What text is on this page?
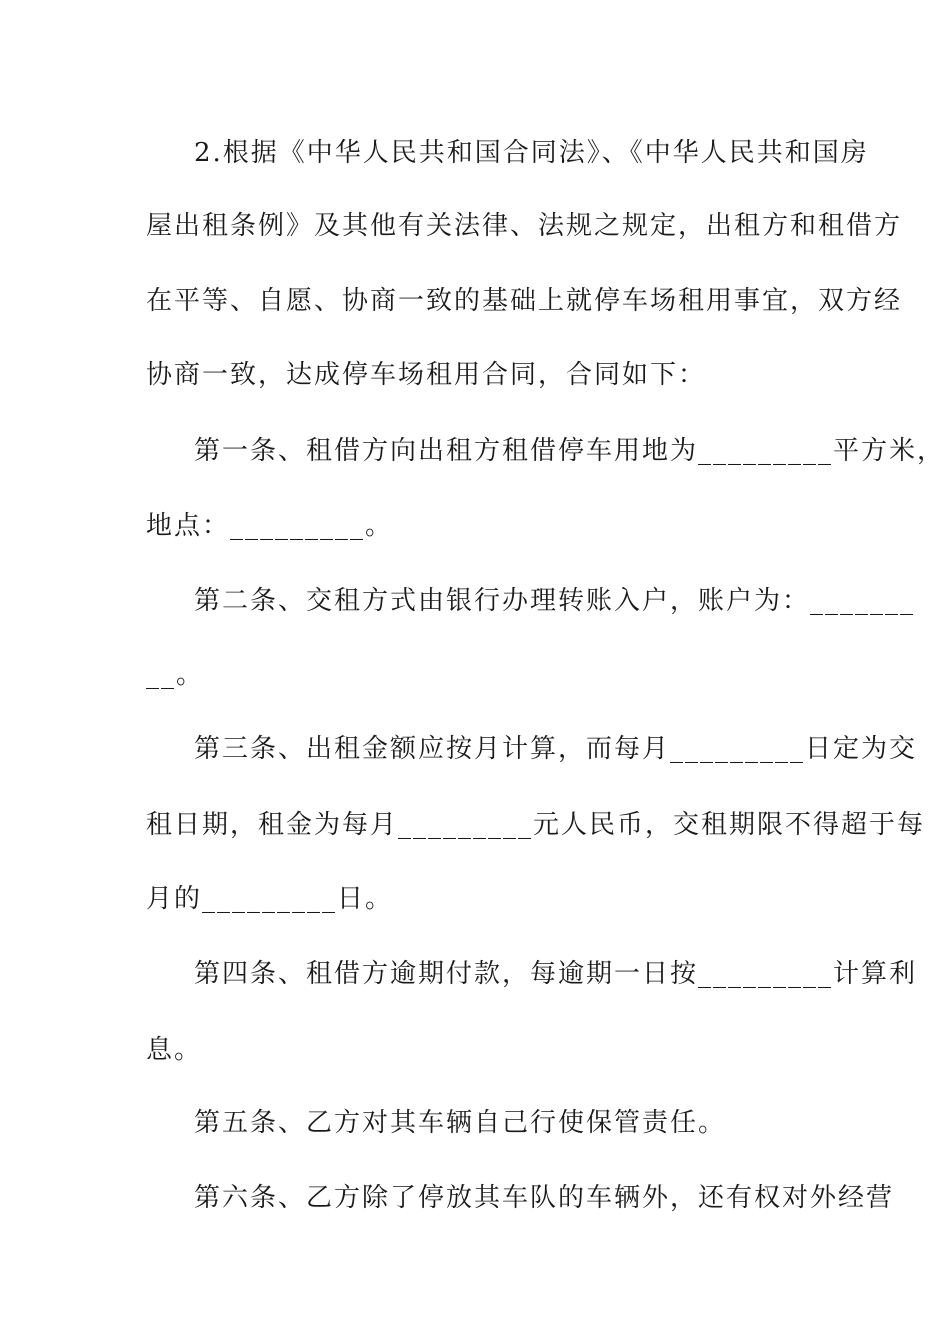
2.根据《中华人民共和国合同法》、《中华人民共和国房
屋出租条例》及其他有关法律、法规之规定，出租方和租借方
在平等、自愿、协商一致的基础上就停车场租用事宜，双方经
协商一致，达成停车场租用合同，合同如下：
第一条、租借方向出租方租借停车用地为_________平方米，
地点：_________。
第二条、交租方式由银行办理转账入户，账户为：_______
__。
第三条、出租金额应按月计算，而每月_________日定为交
租日期，租金为每月_________元人民币，交租期限不得超于每
月的_________日。
第四条、租借方逾期付款，每逾期一日按_________计算利
息。
第五条、乙方对其车辆自己行使保管责任。
第六条、乙方除了停放其车队的车辆外，还有权对外经营
